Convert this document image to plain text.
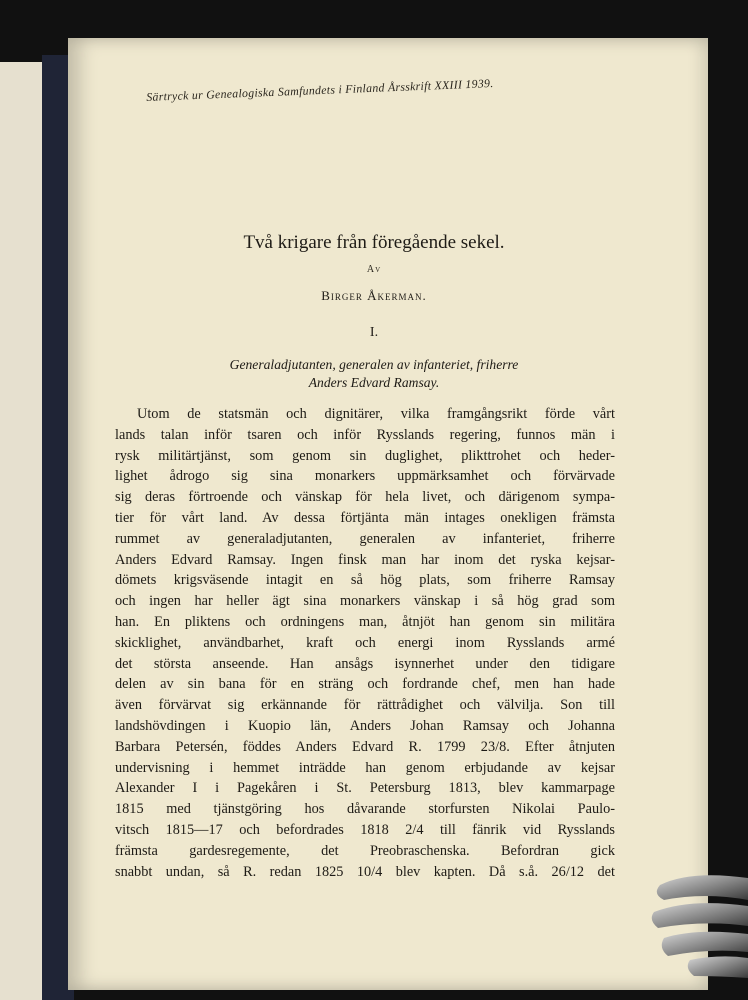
Särtryck ur Genealogiska Samfundets i Finland Årsskrift XXIII 1939.
Två krigare från föregående sekel.
Av
Birger Åkerman.
I.
Generaladjutanten, generalen av infanteriet, friherre
Anders Edvard Ramsay.
Utom de statsmän och dignitärer, vilka framgångsrikt förde vårt
lands talan inför tsaren och inför Rysslands regering, funnos män i
rysk militärtjänst, som genom sin duglighet, plikttrohet och heder-
lighet ådrogo sig sina monarkers uppmärksamhet och förvärvade
sig deras förtroende och vänskap för hela livet, och därigenom sympa-
tier för vårt land. Av dessa förtjänta män intages onekligen främsta
rummet av generaladjutanten, generalen av infanteriet, friherre
Anders Edvard Ramsay. Ingen finsk man har inom det ryska kejsar-
dömets krigsväsende intagit en så hög plats, som friherre Ramsay
och ingen har heller ägt sina monarkers vänskap i så hög grad som
han. En pliktens och ordningens man, åtnjöt han genom sin militära
skicklighet, användbarhet, kraft och energi inom Rysslands armé
det största anseende. Han ansågs isynnerhet under den tidigare
delen av sin bana för en sträng och fordrande chef, men han hade
även förvärvat sig erkännande för rättrådighet och välvilja. Son till
landshövdingen i Kuopio län, Anders Johan Ramsay och Johanna
Barbara Petersén, föddes Anders Edvard R. 1799 23/8. Efter åtnjuten
undervisning i hemmet inträdde han genom erbjudande av kejsar
Alexander I i Pagekåren i St. Petersburg 1813, blev kammarpage
1815 med tjänstgöring hos dåvarande storfursten Nikolai Paulo-
vitsch 1815—17 och befordrades 1818 2/4 till fänrik vid Rysslands
främsta gardesregemente, det Preobraschenska. Befordran gick
snabbt undan, så R. redan 1825 10/4 blev kapten. Då s.å. 26/12 det
